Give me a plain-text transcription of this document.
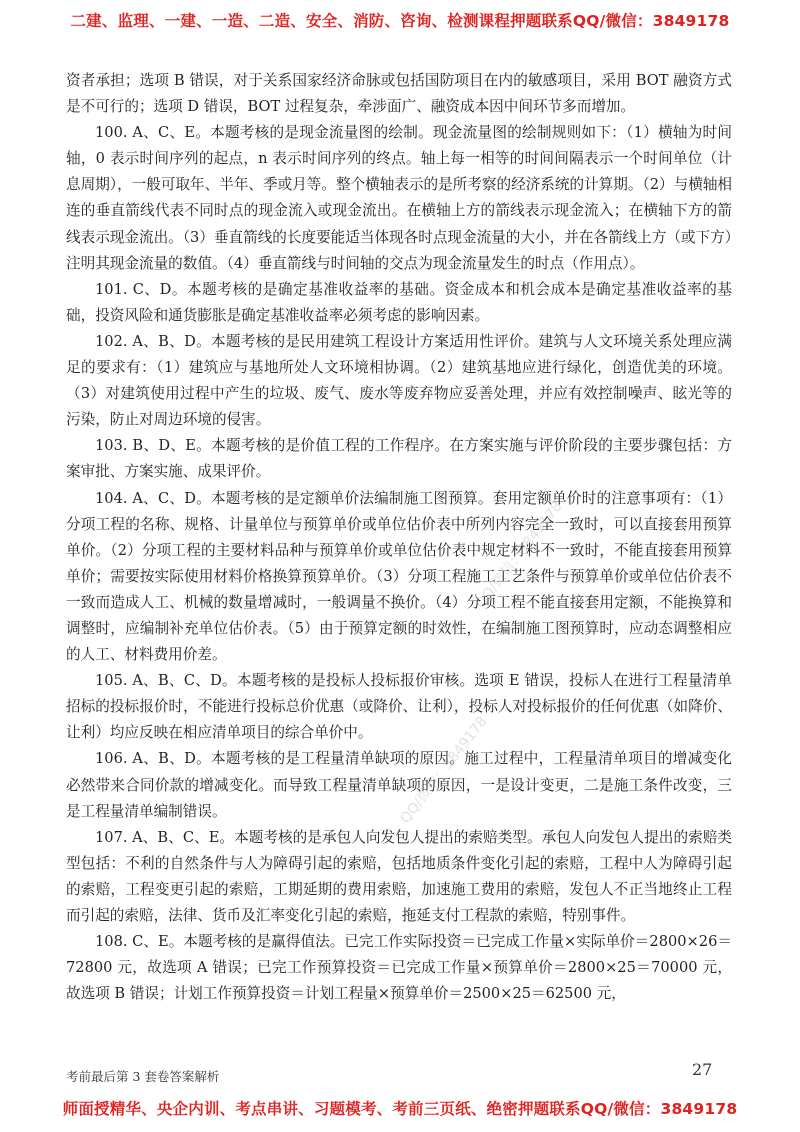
二建、监理、一建、一造、二造、安全、消防、咨询、检测课程押题联系QQ/微信：3849178

资者承担；选项 B 错误，对于关系国家经济命脉或包括国防项目在内的敏感项目，采用 BOT 融资方式是不可行的；选项 D 错误，BOT 过程复杂，牵涉面广、融资成本因中间环节多而增加。

100. A、C、E。本题考核的是现金流量图的绘制。现金流量图的绘制规则如下：（1）横轴为时间轴，0 表示时间序列的起点，n 表示时间序列的终点。轴上每一相等的时间间隔表示一个时间单位（计息周期），一般可取年、半年、季或月等。整个横轴表示的是所考察的经济系统的计算期。（2）与横轴相连的垂直箭线代表不同时点的现金流入或现金流出。在横轴上方的箭线表示现金流入；在横轴下方的箭线表示现金流出。（3）垂直箭线的长度要能适当体现各时点现金流量的大小，并在各箭线上方（或下方）注明其现金流量的数值。（4）垂直箭线与时间轴的交点为现金流量发生的时点（作用点）。

101. C、D。本题考核的是确定基准收益率的基础。资金成本和机会成本是确定基准收益率的基础，投资风险和通货膨胀是确定基准收益率必须考虑的影响因素。

102. A、B、D。本题考核的是民用建筑工程设计方案适用性评价。建筑与人文环境关系处理应满足的要求有：（1）建筑应与基地所处人文环境相协调。（2）建筑基地应进行绿化，创造优美的环境。（3）对建筑使用过程中产生的垃圾、废气、废水等废弃物应妥善处理，并应有效控制噪声、眩光等的污染，防止对周边环境的侵害。

103. B、D、E。本题考核的是价值工程的工作程序。在方案实施与评价阶段的主要步骤包括：方案审批、方案实施、成果评价。

104. A、C、D。本题考核的是定额单价法编制施工图预算。套用定额单价时的注意事项有：（1）分项工程的名称、规格、计量单位与预算单价或单位估价表中所列内容完全一致时，可以直接套用预算单价。（2）分项工程的主要材料品种与预算单价或单位估价表中规定材料不一致时，不能直接套用预算单价；需要按实际使用材料价格换算预算单价。（3）分项工程施工工艺条件与预算单价或单位估价表不一致而造成人工、机械的数量增减时，一般调量不换价。（4）分项工程不能直接套用定额，不能换算和调整时，应编制补充单位估价表。（5）由于预算定额的时效性，在编制施工图预算时，应动态调整相应的人工、材料费用价差。

105. A、B、C、D。本题考核的是投标人投标报价审核。选项 E 错误，投标人在进行工程量清单招标的投标报价时，不能进行投标总价优惠（或降价、让利），投标人对投标报价的任何优惠（如降价、让利）均应反映在相应清单项目的综合单价中。

106. A、B、D。本题考核的是工程量清单缺项的原因。施工过程中，工程量清单项目的增减变化必然带来合同价款的增减变化。而导致工程量清单缺项的原因，一是设计变更，二是施工条件改变，三是工程量清单编制错误。

107. A、B、C、E。本题考核的是承包人向发包人提出的索赔类型。承包人向发包人提出的索赔类型包括：不利的自然条件与人为障碍引起的索赔，包括地质条件变化引起的索赔，工程中人为障碍引起的索赔，工程变更引起的索赔，工期延期的费用索赔，加速施工费用的索赔，发包人不正当地终止工程而引起的索赔，法律、货币及汇率变化引起的索赔，拖延支付工程款的索赔，特别事件。

108. C、E。本题考核的是赢得值法。已完工作实际投资＝已完成工作量×实际单价＝2800×26＝72800 元，故选项 A 错误；已完工作预算投资＝已完成工作量×预算单价＝2800×25＝70000 元，故选项 B 错误；计划工作预算投资＝计划工程量×预算单价＝2500×25＝62500 元，

QQ/微信：3849178
QQ/微信：3849178
考前最后第 3 套卷答案解析	27
师面授精华、央企内训、考点串讲、习题模考、考前三页纸、绝密押题联系QQ/微信：3849178
